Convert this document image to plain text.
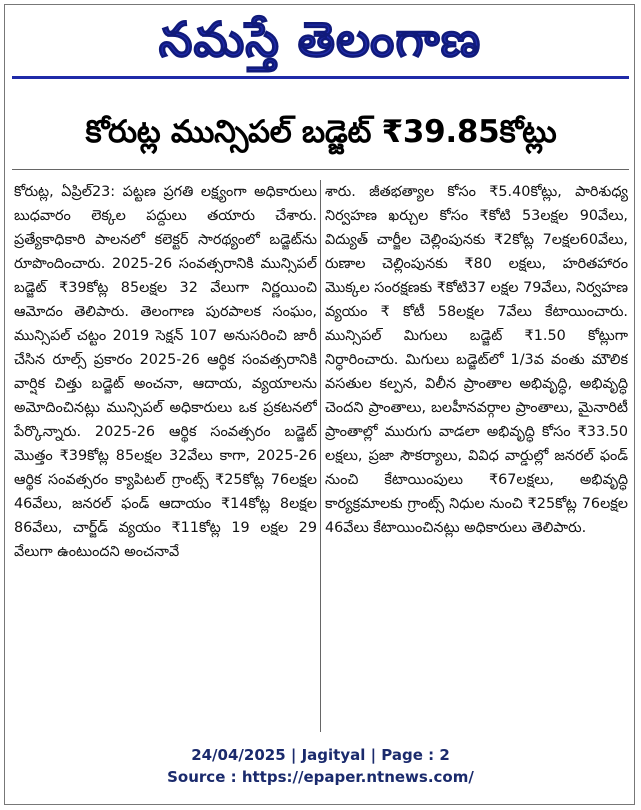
నమస్తే తెలంగాణ
కోరుట్ల మున్సిపల్ బడ్జెట్ ₹39.85కోట్లు

కోరుట్ల, ఏప్రిల్23: పట్టణ ప్రగతి లక్ష్యంగా అధికారులు బుధవారం లెక్కల పద్దులు తయారు చేశారు. ప్రత్యేకాధికారి పాలనలో కలెక్టర్ సారథ్యంలో బడ్జెట్‌ను రూపొందించారు. 2025-26 సంవత్సరానికి మున్సిపల్ బడ్జెట్ ₹39కోట్ల 85లక్షల 32 వేలుగా నిర్ణయించి ఆమోదం తెలిపారు. తెలంగాణ పురపాలక సంఘం, మున్సిపల్ చట్టం 2019 సెక్షన్ 107 అనుసరించి జారీ చేసిన రూల్స్ ప్రకారం 2025-26 ఆర్థిక సంవత్సరానికి వార్షిక చిత్తు బడ్జెట్ అంచనా, ఆదాయ, వ్యయాలను అమోదించినట్లు మున్సిపల్ అధికారులు ఒక ప్రకటనలో పేర్కొన్నారు. 2025-26 ఆర్థిక సంవత్సరం బడ్జెట్ మొత్తం ₹39కోట్ల 85లక్షల 32వేలు కాగా, 2025-26 ఆర్థిక సంవత్సరం క్యాపిటల్ గ్రాంట్స్ ₹25కోట్ల 76లక్షల 46వేలు, జనరల్ ఫండ్ ఆదాయం ₹14కోట్ల 8లక్షల 86వేలు, చార్జ్‌డ్ వ్యయం ₹11కోట్ల 19 లక్షల 29 వేలుగా ఉంటుందని అంచనావే

శారు. జీతభత్యాల కోసం ₹5.40కోట్లు, పారిశుధ్య నిర్వహణ ఖర్చుల కోసం ₹కోటి 53లక్షల 90వేలు, విద్యుత్ చార్జీల చెల్లింపునకు ₹2కోట్ల 7లక్షల60వేలు, రుణాల చెల్లింపునకు ₹80 లక్షలు, హరితహారం మొక్కల సంరక్షణకు ₹కోటి37 లక్షల 79వేలు, నిర్వహణ వ్యయం ₹ కోటీ 58లక్షల 7వేలు కేటాయించారు. మున్సిపల్ మిగులు బడ్జెట్ ₹1.50 కోట్లుగా నిర్ధారించారు. మిగులు బడ్జెట్‌లో 1/3వ వంతు మౌలిక వసతుల కల్పన, విలీన ప్రాంతాల అభివృద్ధి, అభివృద్ధి చెందని ప్రాంతాలు, బలహీనవర్గాల ప్రాంతాలు, మైనారిటీ ప్రాంతాల్లో మురుగు వాడలా అభివృద్ధి కోసం ₹33.50 లక్షలు, ప్రజా సౌకర్యాలు, వివిధ వార్డుల్లో జనరల్ ఫండ్ నుంచి కేటాయింపులు ₹67లక్షలు, అభివృద్ధి కార్యక్రమాలకు గ్రాంట్స్ నిధుల నుంచి ₹25కోట్ల 76లక్షల 46వేలు కేటాయించినట్లు అధికారులు తెలిపారు.

24/04/2025 | Jagityal | Page : 2
Source : https://epaper.ntnews.com/
